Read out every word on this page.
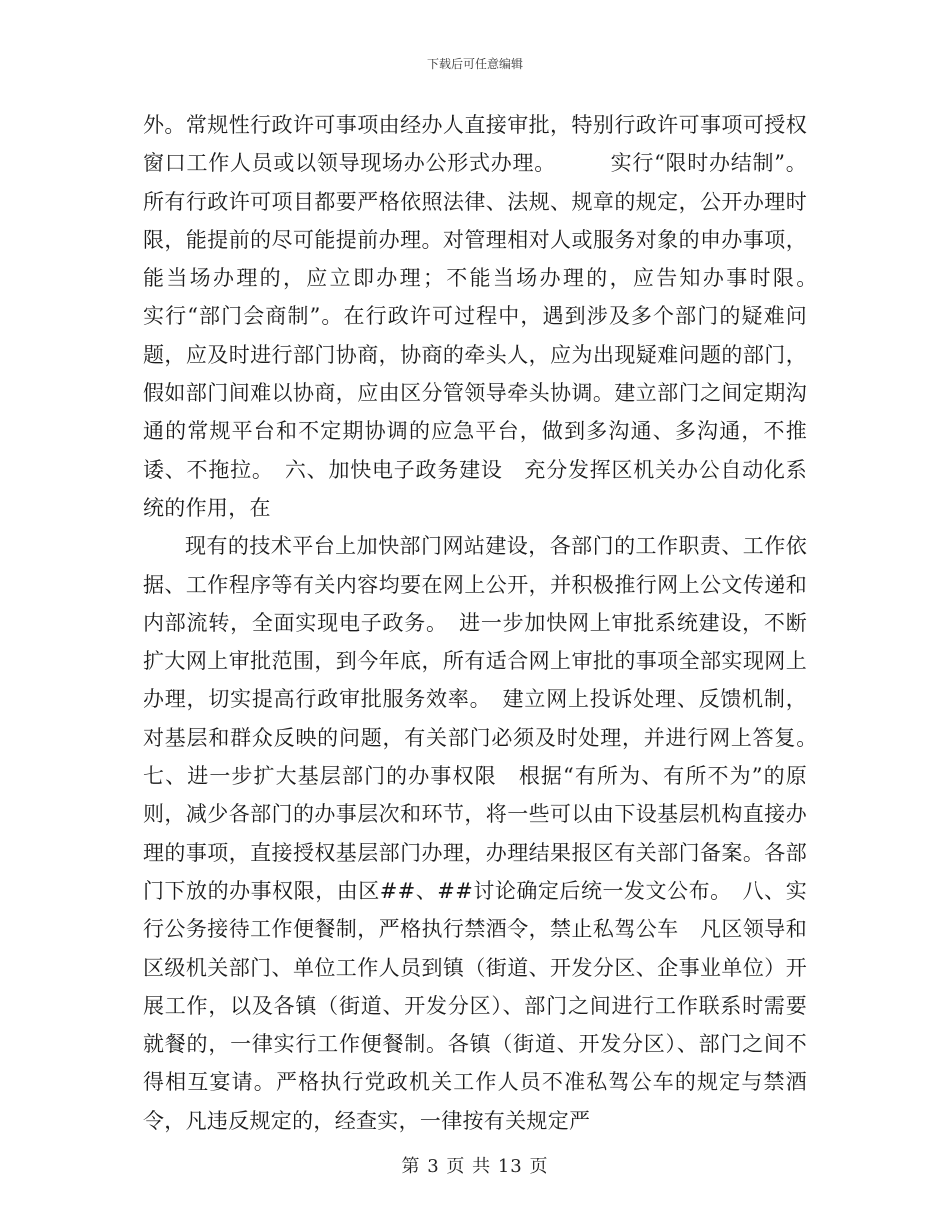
下载后可任意编辑

外。常规性行政许可事项由经办人直接审批，特别行政许可事项可授权窗口工作人员或以领导现场办公形式办理。　　　实行“限时办结制”。所有行政许可项目都要严格依照法律、法规、规章的规定，公开办理时限，能提前的尽可能提前办理。对管理相对人或服务对象的申办事项，能当场办理的，应立即办理；不能当场办理的，应告知办事时限。　　　实行“部门会商制”。在行政许可过程中，遇到涉及多个部门的疑难问题，应及时进行部门协商，协商的牵头人，应为出现疑难问题的部门，假如部门间难以协商，应由区分管领导牵头协调。建立部门之间定期沟通的常规平台和不定期协调的应急平台，做到多沟通、多沟通，不推诿、不拖拉。　六、加快电子政务建设　充分发挥区机关办公自动化系统的作用，在

现有的技术平台上加快部门网站建设，各部门的工作职责、工作依据、工作程序等有关内容均要在网上公开，并积极推行网上公文传递和内部流转，全面实现电子政务。　进一步加快网上审批系统建设，不断扩大网上审批范围，到今年底，所有适合网上审批的事项全部实现网上办理，切实提高行政审批服务效率。　建立网上投诉处理、反馈机制，对基层和群众反映的问题，有关部门必须及时处理，并进行网上答复。　七、进一步扩大基层部门的办事权限　根据“有所为、有所不为”的原则，减少各部门的办事层次和环节，将一些可以由下设基层机构直接办理的事项，直接授权基层部门办理，办理结果报区有关部门备案。各部门下放的办事权限，由区##、##讨论确定后统一发文公布。　八、实行公务接待工作便餐制，严格执行禁酒令，禁止私驾公车　凡区领导和区级机关部门、单位工作人员到镇（街道、开发分区、企事业单位）开展工作，以及各镇（街道、开发分区）、部门之间进行工作联系时需要就餐的，一律实行工作便餐制。各镇（街道、开发分区）、部门之间不得相互宴请。严格执行党政机关工作人员不准私驾公车的规定与禁酒令，凡违反规定的，经查实，一律按有关规定严

第 3 页 共 13 页
